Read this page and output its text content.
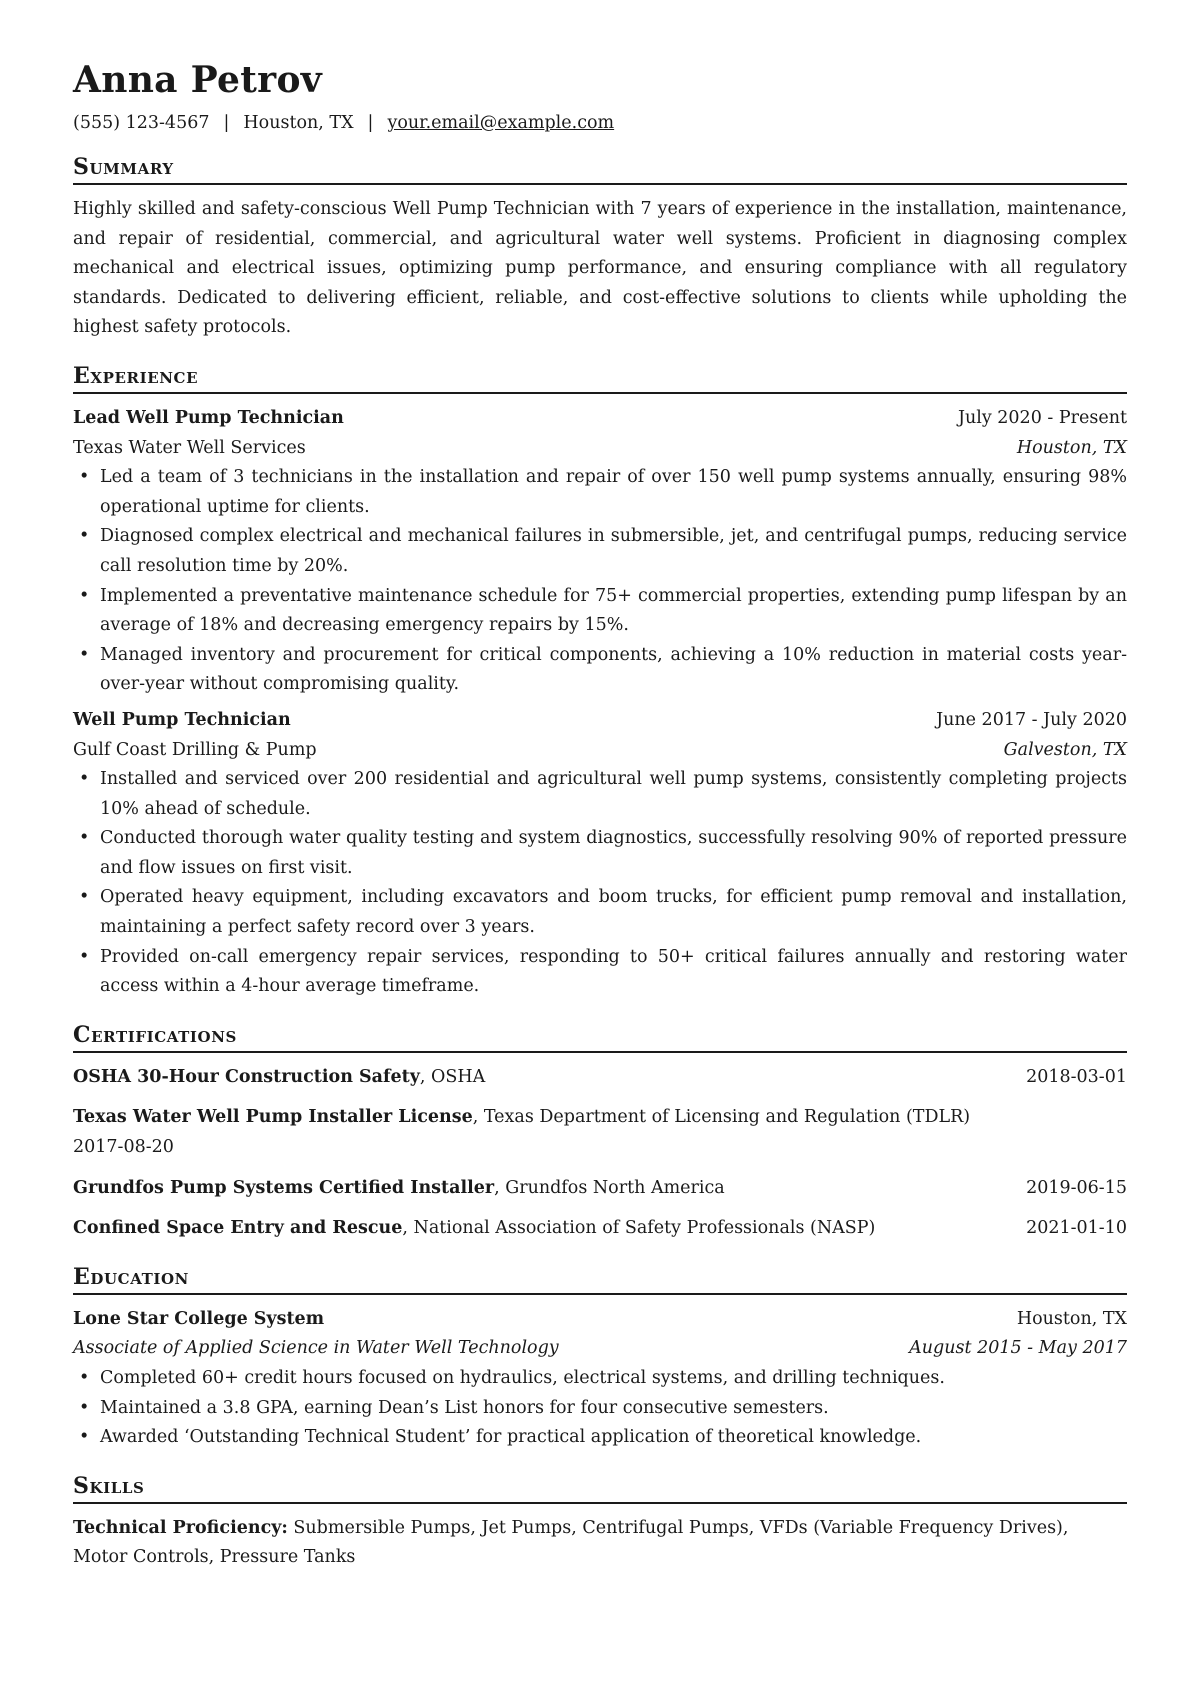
Anna Petrov
(555) 123-4567 | Houston, TX | your.email@example.com
Summary

Highly skilled and safety-conscious Well Pump Technician with 7 years of experience in the installation, maintenance, and repair of residential, commercial, and agricultural water well systems. Proficient in diagnosing complex mechanical and electrical issues, optimizing pump performance, and ensuring compliance with all regulatory standards. Dedicated to delivering efficient, reliable, and cost-effective solutions to clients while upholding the highest safety protocols.

Experience
Lead Well Pump Technician	July 2020 - Present
Texas Water Well Services	Houston, TX
• Led a team of 3 technicians in the installation and repair of over 150 well pump systems annually, ensuring 98% operational uptime for clients.
• Diagnosed complex electrical and mechanical failures in submersible, jet, and centrifugal pumps, reducing service call resolution time by 20%.
• Implemented a preventative maintenance schedule for 75+ commercial properties, extending pump lifespan by an average of 18% and decreasing emergency repairs by 15%.
• Managed inventory and procurement for critical components, achieving a 10% reduction in material costs year-over-year without compromising quality.
Well Pump Technician	June 2017 - July 2020
Gulf Coast Drilling & Pump	Galveston, TX
• Installed and serviced over 200 residential and agricultural well pump systems, consistently completing projects 10% ahead of schedule.
• Conducted thorough water quality testing and system diagnostics, successfully resolving 90% of reported pressure and flow issues on first visit.
• Operated heavy equipment, including excavators and boom trucks, for efficient pump removal and installation, maintaining a perfect safety record over 3 years.
• Provided on-call emergency repair services, responding to 50+ critical failures annually and restoring water access within a 4-hour average timeframe.
Certifications
OSHA 30-Hour Construction Safety, OSHA	2018-03-01
Texas Water Well Pump Installer License, Texas Department of Licensing and Regulation (TDLR)
2017-08-20
Grundfos Pump Systems Certified Installer, Grundfos North America	2019-06-15
Confined Space Entry and Rescue, National Association of Safety Professionals (NASP)	2021-01-10
Education
Lone Star College System	Houston, TX
Associate of Applied Science in Water Well Technology	August 2015 - May 2017
• Completed 60+ credit hours focused on hydraulics, electrical systems, and drilling techniques.
• Maintained a 3.8 GPA, earning Dean’s List honors for four consecutive semesters.
• Awarded ‘Outstanding Technical Student’ for practical application of theoretical knowledge.
Skills

Technical Proficiency: Submersible Pumps, Jet Pumps, Centrifugal Pumps, VFDs (Variable Frequency Drives), Motor Controls, Pressure Tanks
